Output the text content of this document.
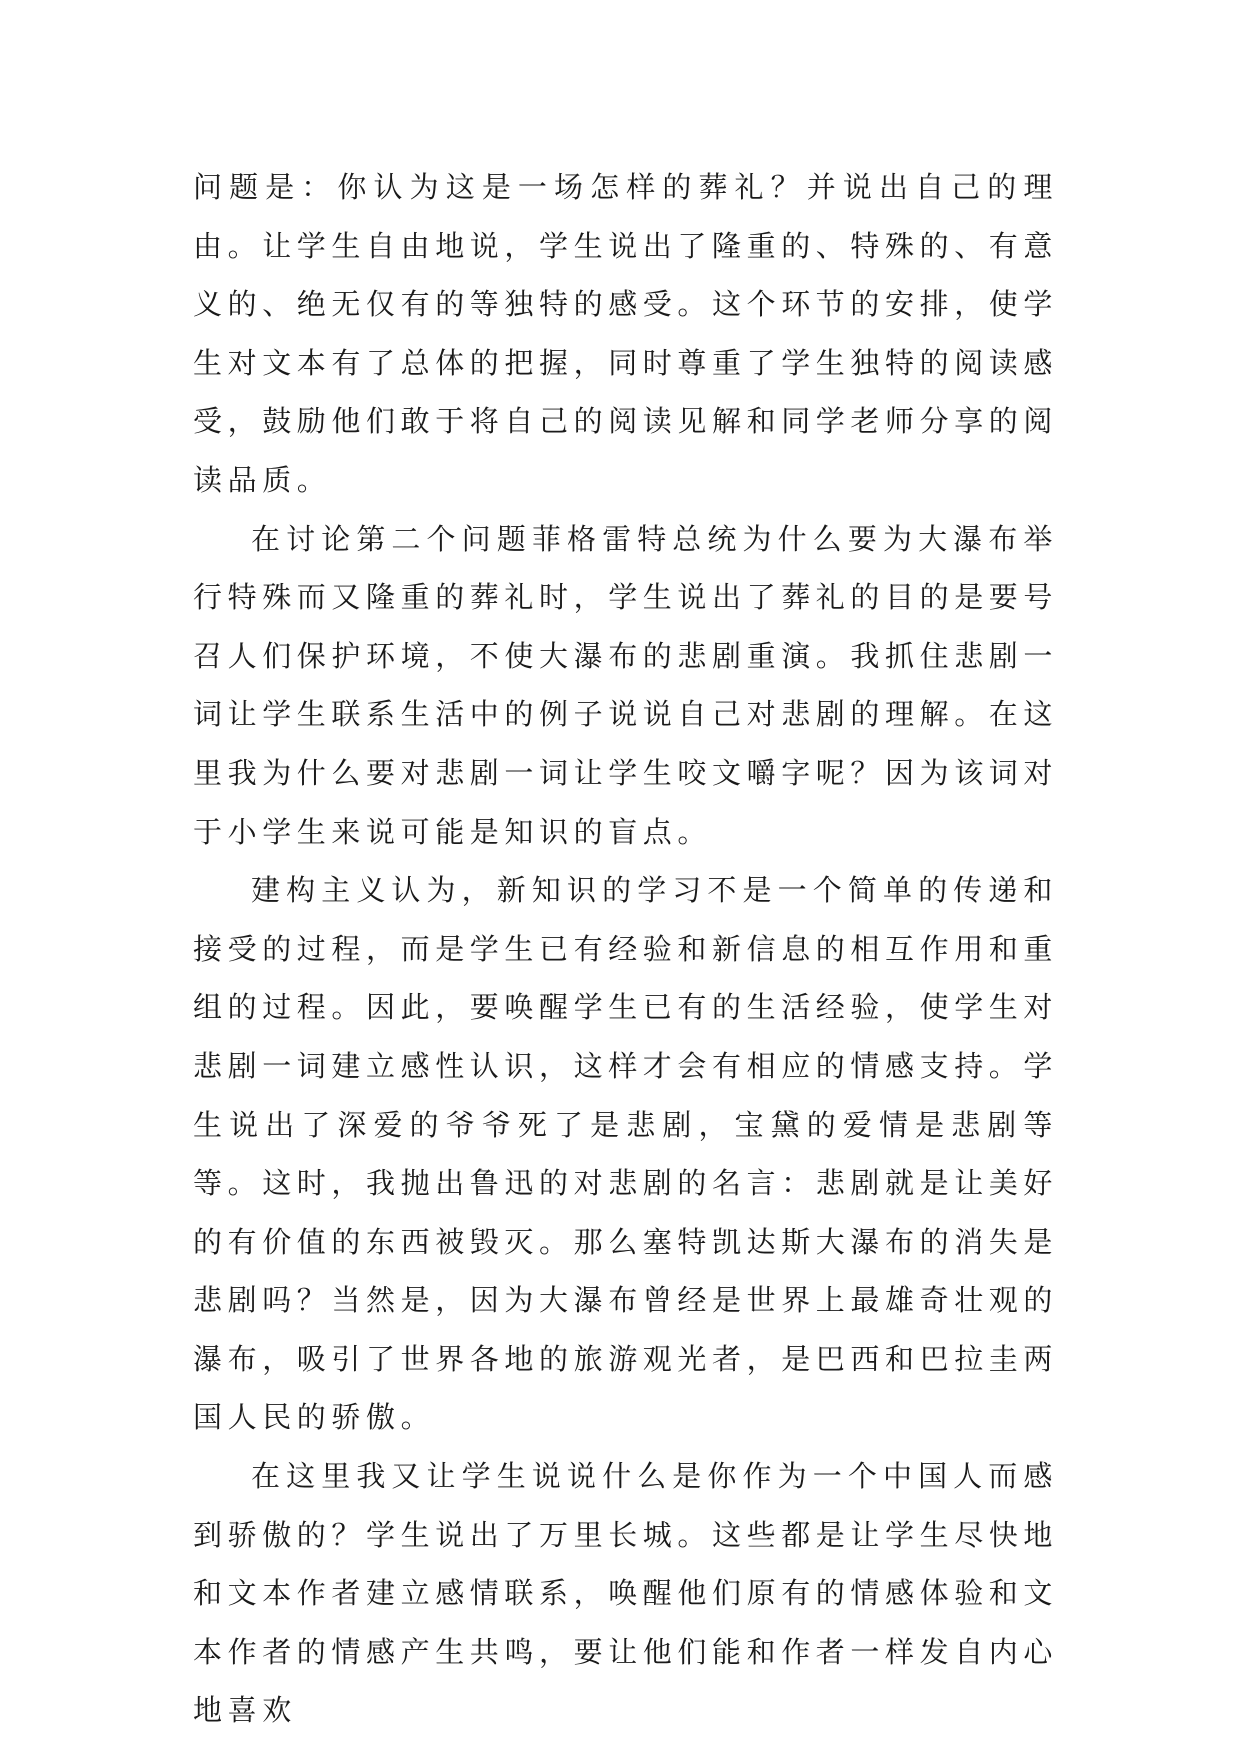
问题是：你认为这是一场怎样的葬礼？并说出自己的理由。让学生自由地说，学生说出了隆重的、特殊的、有意义的、绝无仅有的等独特的感受。这个环节的安排，使学生对文本有了总体的把握，同时尊重了学生独特的阅读感受，鼓励他们敢于将自己的阅读见解和同学老师分享的阅读品质。

在讨论第二个问题菲格雷特总统为什么要为大瀑布举行特殊而又隆重的葬礼时，学生说出了葬礼的目的是要号召人们保护环境，不使大瀑布的悲剧重演。我抓住悲剧一词让学生联系生活中的例子说说自己对悲剧的理解。在这里我为什么要对悲剧一词让学生咬文嚼字呢？因为该词对于小学生来说可能是知识的盲点。

建构主义认为，新知识的学习不是一个简单的传递和接受的过程，而是学生已有经验和新信息的相互作用和重组的过程。因此，要唤醒学生已有的生活经验，使学生对悲剧一词建立感性认识，这样才会有相应的情感支持。学生说出了深爱的爷爷死了是悲剧，宝黛的爱情是悲剧等等。这时，我抛出鲁迅的对悲剧的名言：悲剧就是让美好的有价值的东西被毁灭。那么塞特凯达斯大瀑布的消失是悲剧吗？当然是，因为大瀑布曾经是世界上最雄奇壮观的瀑布，吸引了世界各地的旅游观光者，是巴西和巴拉圭两国人民的骄傲。

在这里我又让学生说说什么是你作为一个中国人而感到骄傲的？学生说出了万里长城。这些都是让学生尽快地和文本作者建立感情联系，唤醒他们原有的情感体验和文本作者的情感产生共鸣，要让他们能和作者一样发自内心地喜欢
